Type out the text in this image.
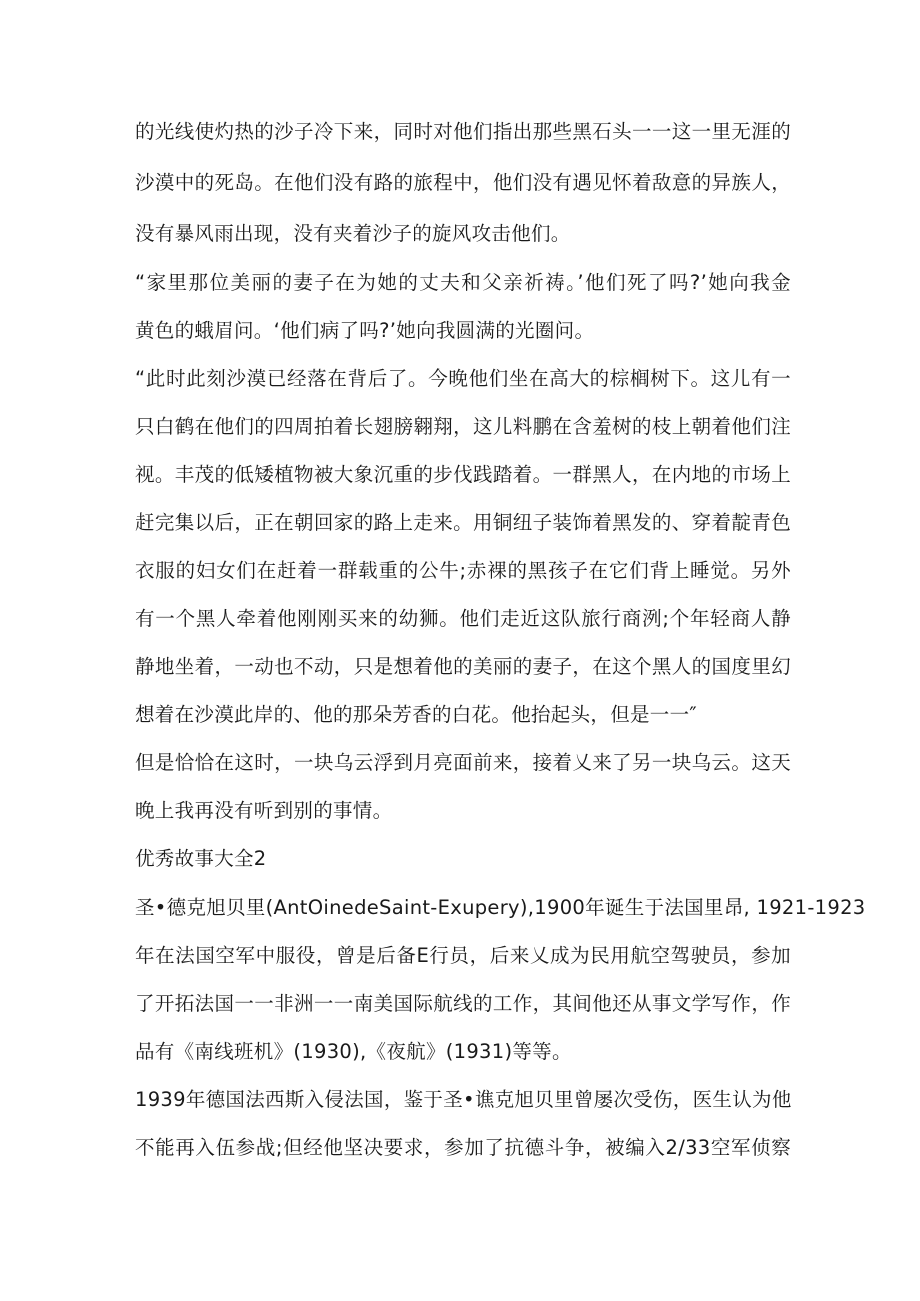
的光线使灼热的沙子冷下来，同时对他们指出那些黑石头一一这一里无涯的
沙漠中的死岛。在他们没有路的旅程中，他们没有遇见怀着敌意的异族人，
没有暴风雨出现，没有夹着沙子的旋风攻击他们。
“家里那位美丽的妻子在为她的丈夫和父亲祈祷。’他们死了吗?’她向我金
黄色的蛾眉问。‘他们病了吗?’她向我圆满的光圈问。
“此时此刻沙漠已经落在背后了。今晚他们坐在高大的棕榈树下。这儿有一
只白鹤在他们的四周拍着长翅膀翱翔，这儿料鹏在含羞树的枝上朝着他们注
视。丰茂的低矮植物被大象沉重的步伐践踏着。一群黑人，在内地的市场上
赶完集以后，正在朝回家的路上走来。用铜纽子装饰着黑发的、穿着靛青色
衣服的妇女们在赶着一群载重的公牛;赤裸的黑孩子在它们背上睡觉。另外
有一个黑人牵着他刚刚买来的幼狮。他们走近这队旅行商洌;个年轻商人静
静地坐着，一动也不动，只是想着他的美丽的妻子，在这个黑人的国度里幻
想着在沙漠此岸的、他的那朵芳香的白花。他抬起头，但是一一″
但是恰恰在这时，一块乌云浮到月亮面前来，接着乂来了另一块乌云。这天
晚上我再没有听到别的事情。
优秀故事大全2
圣•德克旭贝里(AntOinedeSaint-Exupery),1900年诞生于法国里昂, 1921-1923
年在法国空军中服役，曾是后备E行员，后来乂成为民用航空驾驶员，参加
了开拓法国一一非洲一一南美国际航线的工作，其间他还从事文学写作，作
品有《南线班机》(1930),《夜航》(1931)等等。
1939年德国法西斯入侵法国，鉴于圣•谯克旭贝里曾屡次受伤，医生认为他
不能再入伍参战;但经他坚决要求，参加了抗德斗争，被编入2/33空军侦察
